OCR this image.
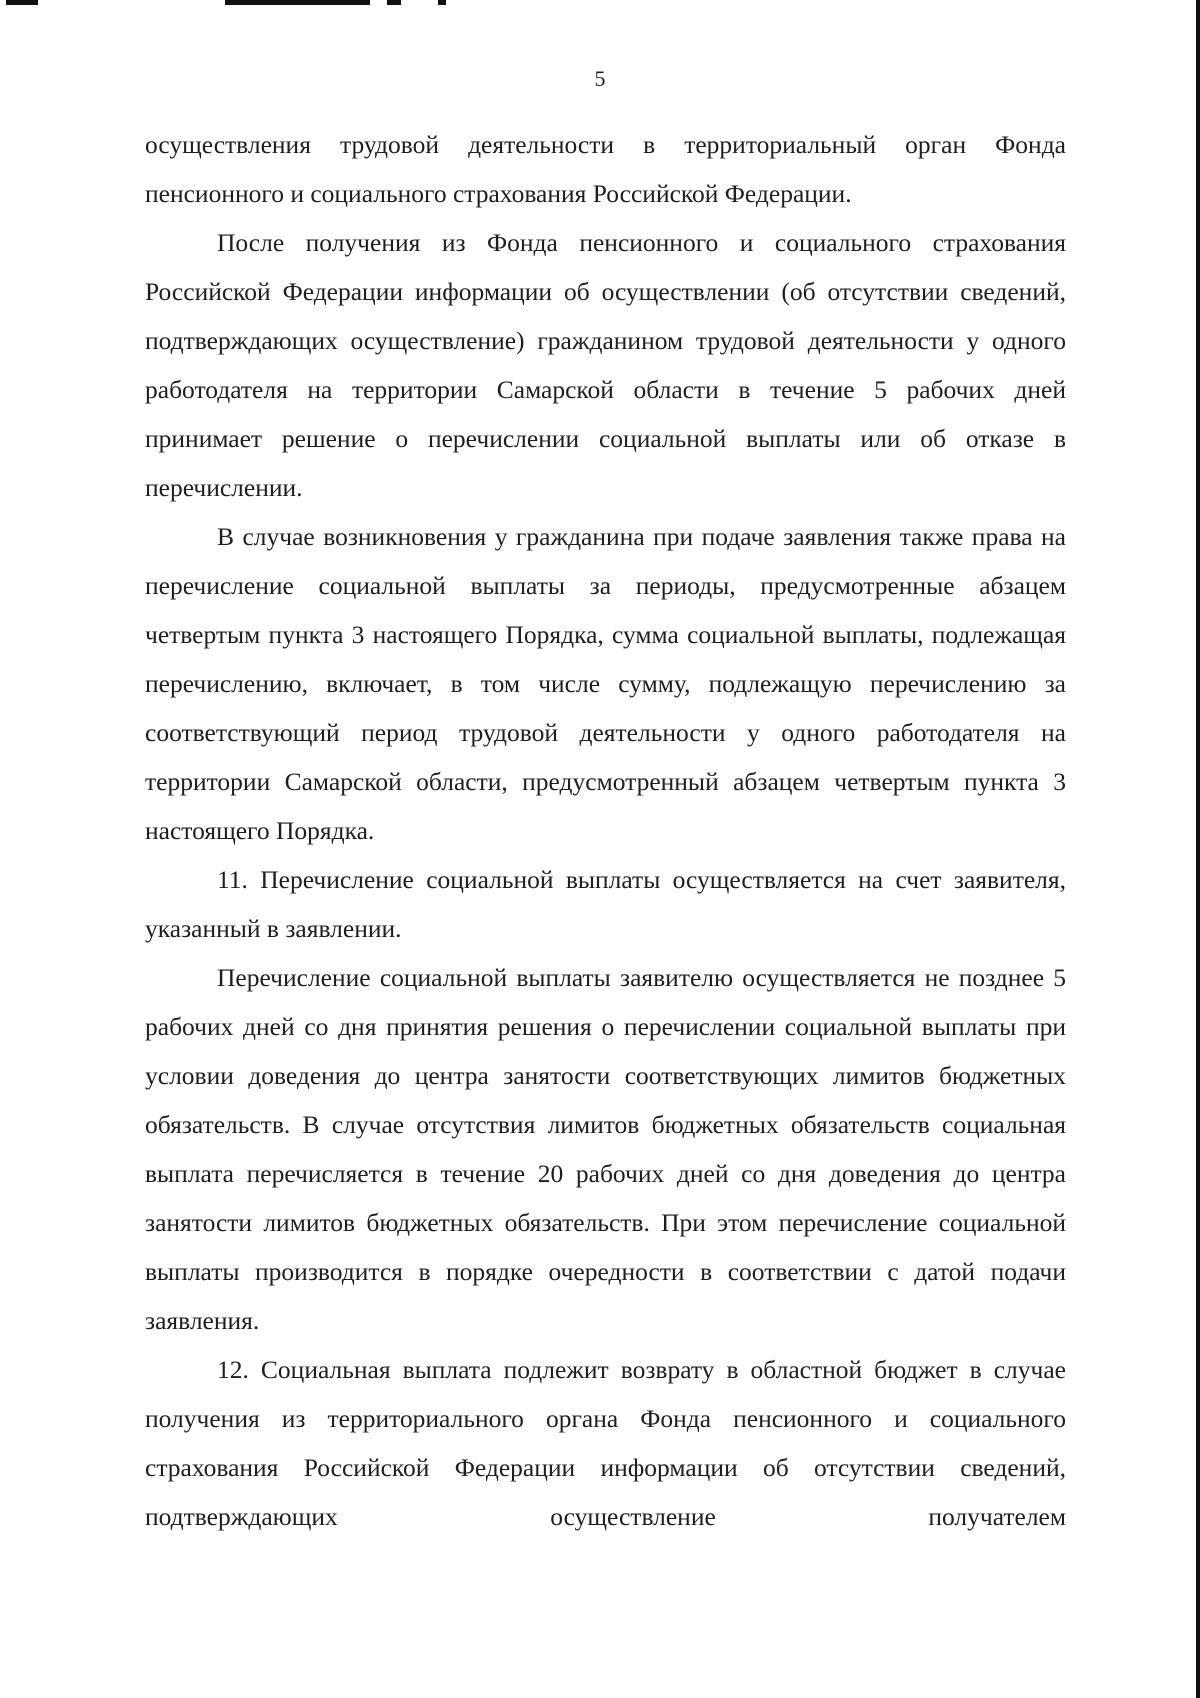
5

осуществления трудовой деятельности в территориальный орган Фонда пенсионного и социального страхования Российской Федерации.

После получения из Фонда пенсионного и социального страхования Российской Федерации информации об осуществлении (об отсутствии сведений, подтверждающих осуществление) гражданином трудовой деятельности у одного работодателя на территории Самарской области в течение 5 рабочих дней принимает решение о перечислении социальной выплаты или об отказе в перечислении.

В случае возникновения у гражданина при подаче заявления также права на перечисление социальной выплаты за периоды, предусмотренные абзацем четвертым пункта 3 настоящего Порядка, сумма социальной выплаты, подлежащая перечислению, включает, в том числе сумму, подлежащую перечислению за соответствующий период трудовой деятельности у одного работодателя на территории Самарской области, предусмотренный абзацем четвертым пункта 3 настоящего Порядка.

11. Перечисление социальной выплаты осуществляется на счет заявителя, указанный в заявлении.

Перечисление социальной выплаты заявителю осуществляется не позднее 5 рабочих дней со дня принятия решения о перечислении социальной выплаты при условии доведения до центра занятости соответствующих лимитов бюджетных обязательств. В случае отсутствия лимитов бюджетных обязательств социальная выплата перечисляется в течение 20 рабочих дней со дня доведения до центра занятости лимитов бюджетных обязательств. При этом перечисление социальной выплаты производится в порядке очередности в соответствии с датой подачи заявления.

12. Социальная выплата подлежит возврату в областной бюджет в случае получения из территориального органа Фонда пенсионного и социального страхования Российской Федерации информации об отсутствии сведений, подтверждающих осуществление получателем
